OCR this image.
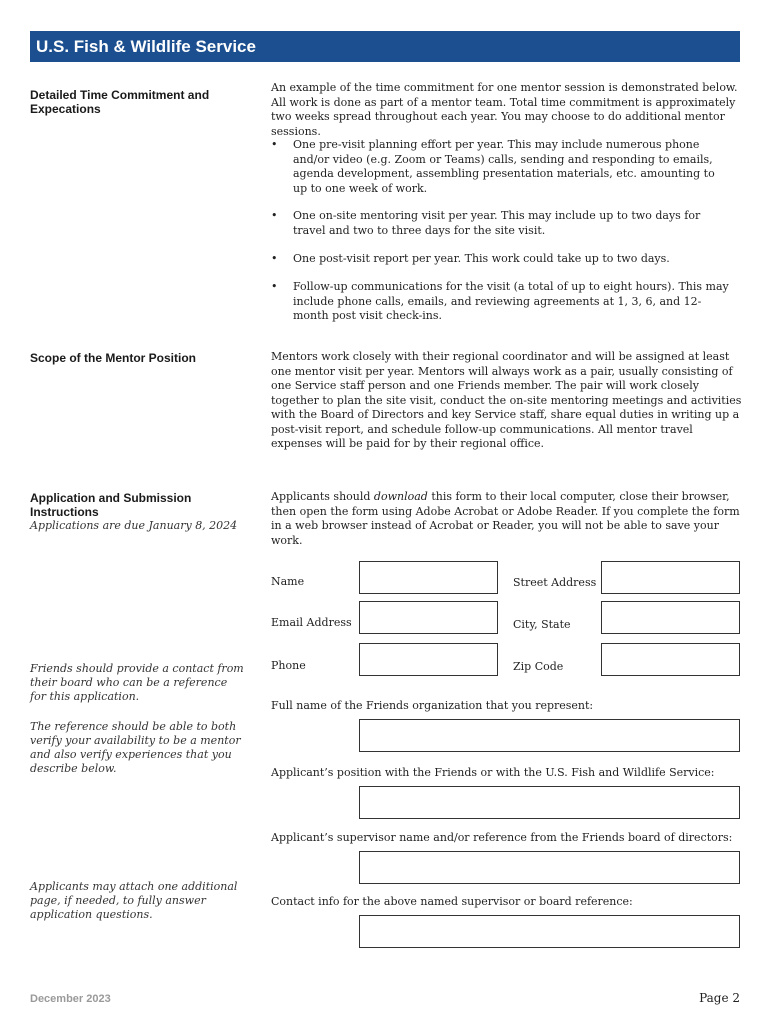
U.S. Fish & Wildlife Service
Detailed Time Commitment and Expecations
An example of the time commitment for one mentor session is demonstrated below. All work is done as part of a mentor team. Total time commitment is approximately two weeks spread throughout each year. You may choose to do additional mentor sessions.
• One pre-visit planning effort per year. This may include numerous phone and/or video (e.g. Zoom or Teams) calls, sending and responding to emails, agenda development, assembling presentation materials, etc. amounting to up to one week of work.
• One on-site mentoring visit per year. This may include up to two days for travel and two to three days for the site visit.
• One post-visit report per year. This work could take up to two days.
• Follow-up communications for the visit (a total of up to eight hours). This may include phone calls, emails, and reviewing agreements at 1, 3, 6, and 12-month post visit check-ins.
Scope of the Mentor Position	Mentors work closely with their regional coordinator and will be assigned at least one mentor visit per year. Mentors will always work as a pair, usually consisting of one Service staff person and one Friends member. The pair will work closely together to plan the site visit, conduct the on-site mentoring meetings and activities with the Board of Directors and key Service staff, share equal duties in writing up a post-visit report, and schedule follow-up communications. All mentor travel expenses will be paid for by their regional office.
Application and Submission Instructions
Applications are due January 8, 2024
Applicants should download this form to their local computer, close their browser, then open the form using Adobe Acrobat or Adobe Reader. If you complete the form in a web browser instead of Acrobat or Reader, you will not be able to save your work.
Name	Street Address
Email Address	City, State
Phone	Zip Code
Friends should provide a contact from their board who can be a reference for this application.
The reference should be able to both verify your availability to be a mentor and also verify experiences that you describe below.
Applicants may attach one additional page, if needed, to fully answer application questions.
Full name of the Friends organization that you represent:
Applicant’s position with the Friends or with the U.S. Fish and Wildlife Service:
Applicant’s supervisor name and/or reference from the Friends board of directors:
Contact info for the above named supervisor or board reference:
December 2023	Page 2
